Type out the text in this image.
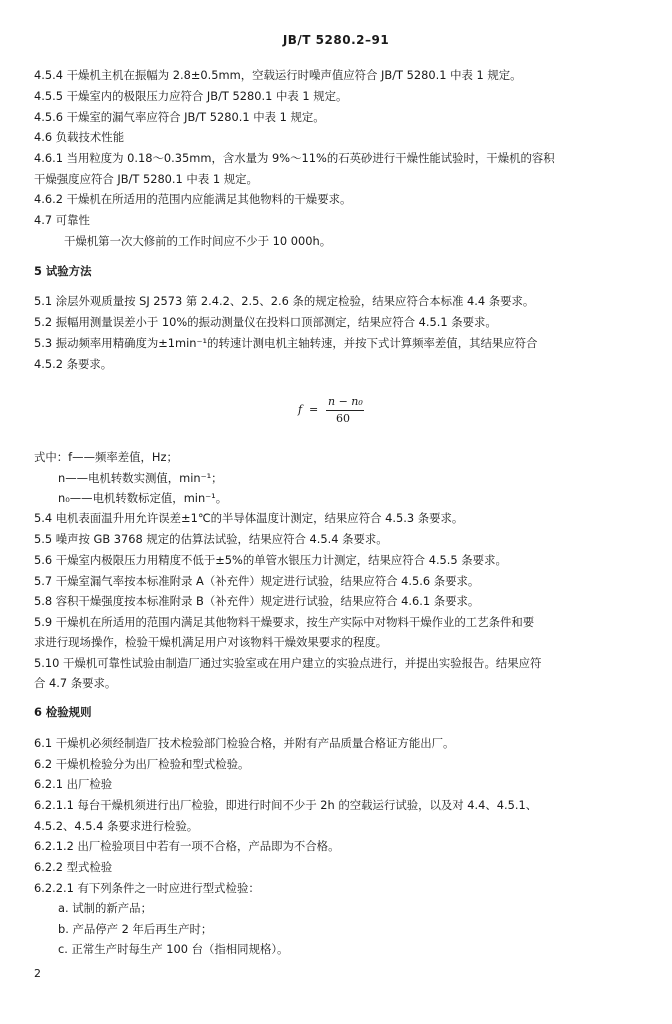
JB/T 5280.2–91
4.5.4 干燥机主机在振幅为 2.8±0.5mm，空载运行时噪声值应符合 JB/T 5280.1 中表 1 规定。
4.5.5 干燥室内的极限压力应符合 JB/T 5280.1 中表 1 规定。
4.5.6 干燥室的漏气率应符合 JB/T 5280.1 中表 1 规定。
4.6 负载技术性能
4.6.1 当用粒度为 0.18～0.35mm，含水量为 9%～11%的石英砂进行干燥性能试验时，干燥机的容积
干燥强度应符合 JB/T 5280.1 中表 1 规定。
4.6.2 干燥机在所适用的范围内应能满足其他物料的干燥要求。
4.7 可靠性
干燥机第一次大修前的工作时间应不少于 10 000h。
5 试验方法
5.1 涂层外观质量按 SJ 2573 第 2.4.2、2.5、2.6 条的规定检验，结果应符合本标准 4.4 条要求。
5.2 振幅用测量误差小于 10%的振动测量仪在投料口顶部测定，结果应符合 4.5.1 条要求。
5.3 振动频率用精确度为±1min⁻¹的转速计测电机主轴转速，并按下式计算频率差值，其结果应符合
4.5.2 条要求。
式中：f——频率差值，Hz；
n——电机转数实测值，min⁻¹；
n₀——电机转数标定值，min⁻¹。
5.4 电机表面温升用允许误差±1℃的半导体温度计测定，结果应符合 4.5.3 条要求。
5.5 噪声按 GB 3768 规定的估算法试验，结果应符合 4.5.4 条要求。
5.6 干燥室内极限压力用精度不低于±5%的单管水银压力计测定，结果应符合 4.5.5 条要求。
5.7 干燥室漏气率按本标准附录 A（补充件）规定进行试验，结果应符合 4.5.6 条要求。
5.8 容积干燥强度按本标准附录 B（补充件）规定进行试验，结果应符合 4.6.1 条要求。
5.9 干燥机在所适用的范围内满足其他物料干燥要求，按生产实际中对物料干燥作业的工艺条件和要
求进行现场操作，检验干燥机满足用户对该物料干燥效果要求的程度。
5.10 干燥机可靠性试验由制造厂通过实验室或在用户建立的实验点进行，并提出实验报告。结果应符
合 4.7 条要求。
6 检验规则
6.1 干燥机必须经制造厂技术检验部门检验合格，并附有产品质量合格证方能出厂。
6.2 干燥机检验分为出厂检验和型式检验。
6.2.1 出厂检验
6.2.1.1 每台干燥机须进行出厂检验，即进行时间不少于 2h 的空载运行试验，以及对 4.4、4.5.1、
4.5.2、4.5.4 条要求进行检验。
6.2.1.2 出厂检验项目中若有一项不合格，产品即为不合格。
6.2.2 型式检验
6.2.2.1 有下列条件之一时应进行型式检验：
a. 试制的新产品；
b. 产品停产 2 年后再生产时；
c. 正常生产时每生产 100 台（指相同规格）。
f =
n − n₀
60
2
